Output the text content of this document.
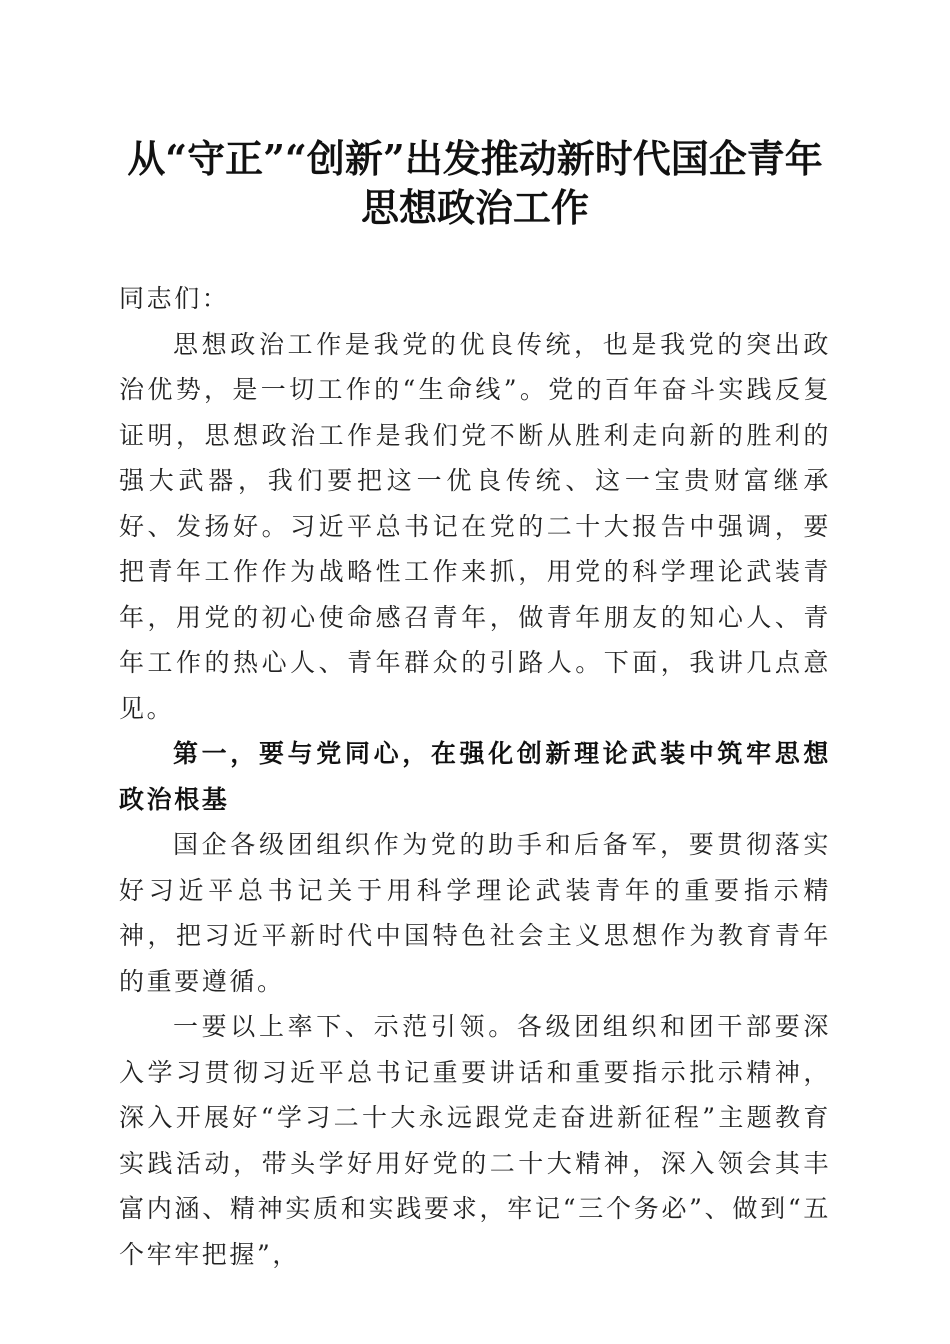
从“守正”“创新”出发推动新时代国企青年
思想政治工作

同志们：

思想政治工作是我党的优良传统，也是我党的突出政治优势，是一切工作的“生命线”。党的百年奋斗实践反复证明，思想政治工作是我们党不断从胜利走向新的胜利的强大武器，我们要把这一优良传统、这一宝贵财富继承好、发扬好。习近平总书记在党的二十大报告中强调，要把青年工作作为战略性工作来抓，用党的科学理论武装青年，用党的初心使命感召青年，做青年朋友的知心人、青年工作的热心人、青年群众的引路人。下面，我讲几点意见。

第一，要与党同心，在强化创新理论武装中筑牢思想政治根基

国企各级团组织作为党的助手和后备军，要贯彻落实好习近平总书记关于用科学理论武装青年的重要指示精神，把习近平新时代中国特色社会主义思想作为教育青年的重要遵循。

一要以上率下、示范引领。各级团组织和团干部要深入学习贯彻习近平总书记重要讲话和重要指示批示精神，深入开展好“学习二十大永远跟党走奋进新征程”主题教育实践活动，带头学好用好党的二十大精神，深入领会其丰富内涵、精神实质和实践要求，牢记“三个务必”、做到“五个牢牢把握”，
